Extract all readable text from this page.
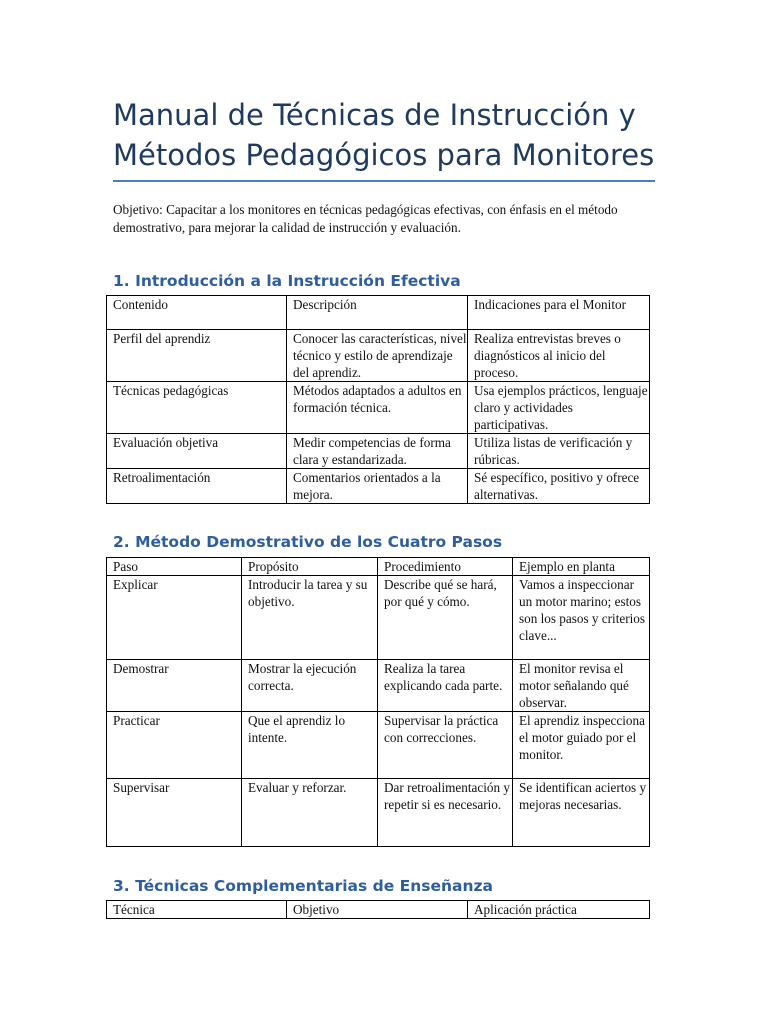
Manual de Técnicas de Instrucción y Métodos Pedagógicos para Monitores

Objetivo: Capacitar a los monitores en técnicas pedagógicas efectivas, con énfasis en el método demostrativo, para mejorar la calidad de instrucción y evaluación.

1. Introducción a la Instrucción Efectiva
Contenido	Descripción	Indicaciones para el Monitor
Perfil del aprendiz	Conocer las características, nivel técnico y estilo de aprendizaje del aprendiz.	Realiza entrevistas breves o diagnósticos al inicio del proceso.
Técnicas pedagógicas	Métodos adaptados a adultos en formación técnica.	Usa ejemplos prácticos, lenguaje claro y actividades participativas.
Evaluación objetiva	Medir competencias de forma clara y estandarizada.	Utiliza listas de verificación y rúbricas.
Retroalimentación	Comentarios orientados a la mejora.	Sé específico, positivo y ofrece alternativas.
2. Método Demostrativo de los Cuatro Pasos
Paso	Propósito	Procedimiento	Ejemplo en planta
Explicar	Introducir la tarea y su objetivo.	Describe qué se hará, por qué y cómo.	Vamos a inspeccionar un motor marino; estos son los pasos y criterios clave...
Demostrar	Mostrar la ejecución correcta.	Realiza la tarea explicando cada parte.	El monitor revisa el motor señalando qué observar.
Practicar	Que el aprendiz lo intente.	Supervisar la práctica con correcciones.	El aprendiz inspecciona el motor guiado por el monitor.
Supervisar	Evaluar y reforzar.	Dar retroalimentación y repetir si es necesario.	Se identifican aciertos y mejoras necesarias.
3. Técnicas Complementarias de Enseñanza
Técnica	Objetivo	Aplicación práctica
